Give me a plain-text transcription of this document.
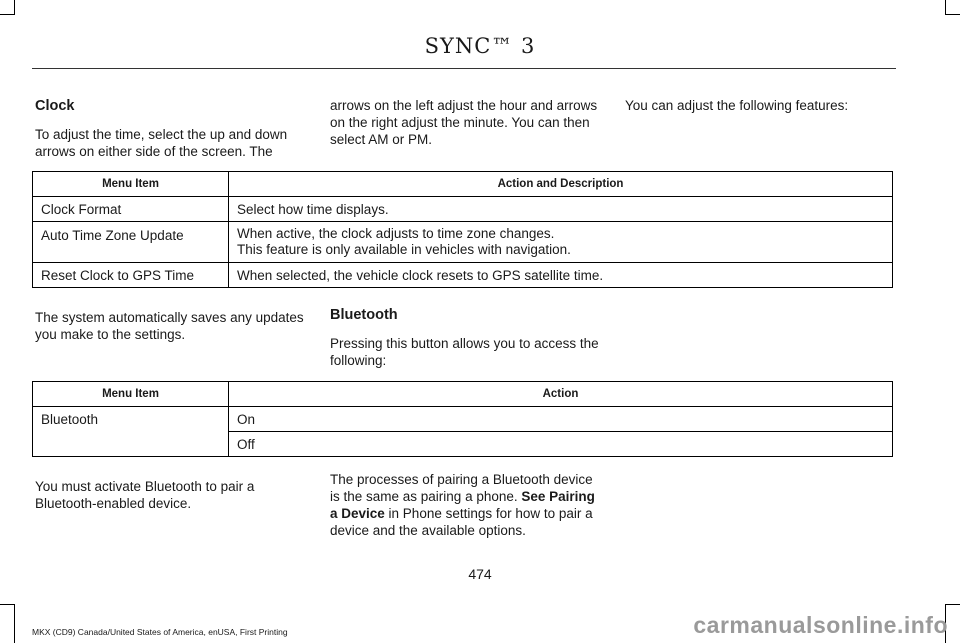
SYNC™ 3
Clock
To adjust the time, select the up and down arrows on either side of the screen. The
arrows on the left adjust the hour and arrows on the right adjust the minute. You can then select AM or PM.
You can adjust the following features:
Menu Item	Action and Description
Clock Format	Select how time displays.
Auto Time Zone Update	When active, the clock adjusts to time zone changes.
This feature is only available in vehicles with navigation.

Reset Clock to GPS Time	When selected, the vehicle clock resets to GPS satellite time.
The system automatically saves any updates you make to the settings.
Bluetooth
Pressing this button allows you to access the following:
Menu Item	Action
Bluetooth	On
	Off
You must activate Bluetooth to pair a Bluetooth-enabled device.
The processes of pairing a Bluetooth device is the same as pairing a phone. See Pairing a Device in Phone settings for how to pair a device and the available options.
474
MKX (CD9) Canada/United States of America, enUSA, First Printing	carmanualsonline.info
